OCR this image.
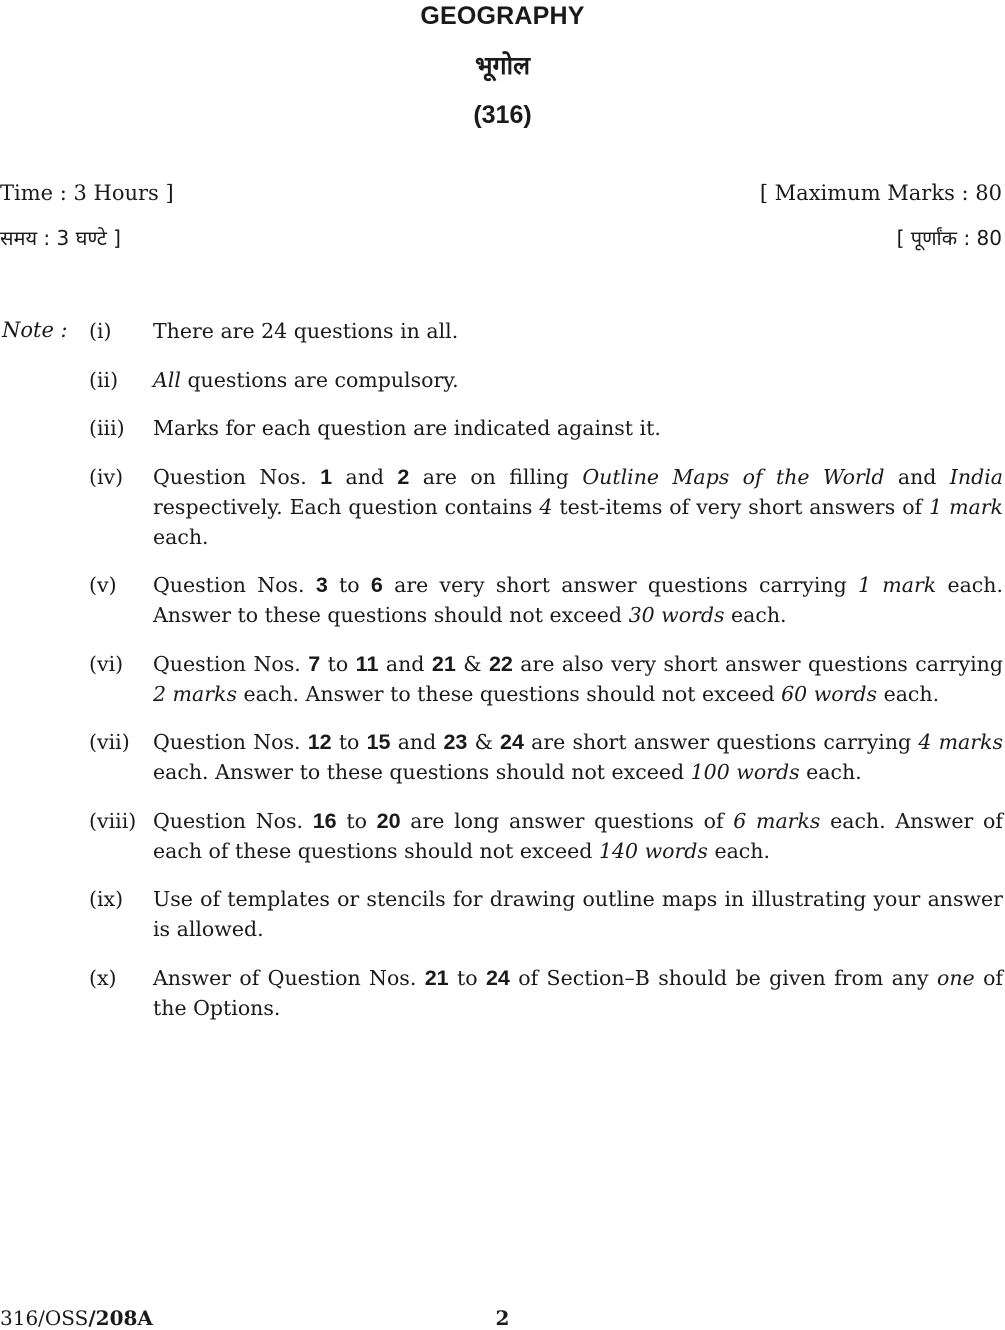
GEOGRAPHY
भूगोल
(316)
Time : 3 Hours ]	[ Maximum Marks : 80
समय : 3 घण्टे ]	[ पूर्णांक : 80
Note : (i) There are 24 questions in all.
(ii) All questions are compulsory.
(iii) Marks for each question are indicated against it.
(iv) Question Nos. 1 and 2 are on filling Outline Maps of the World and India respectively. Each question contains 4 test-items of very short answers of 1 mark each.
(v) Question Nos. 3 to 6 are very short answer questions carrying 1 mark each. Answer to these questions should not exceed 30 words each.
(vi) Question Nos. 7 to 11 and 21 & 22 are also very short answer questions carrying 2 marks each. Answer to these questions should not exceed 60 words each.
(vii) Question Nos. 12 to 15 and 23 & 24 are short answer questions carrying 4 marks each. Answer to these questions should not exceed 100 words each.
(viii) Question Nos. 16 to 20 are long answer questions of 6 marks each. Answer of each of these questions should not exceed 140 words each.
(ix) Use of templates or stencils for drawing outline maps in illustrating your answer is allowed.
(x) Answer of Question Nos. 21 to 24 of Section–B should be given from any one of the Options.
316/OSS/208A	2
